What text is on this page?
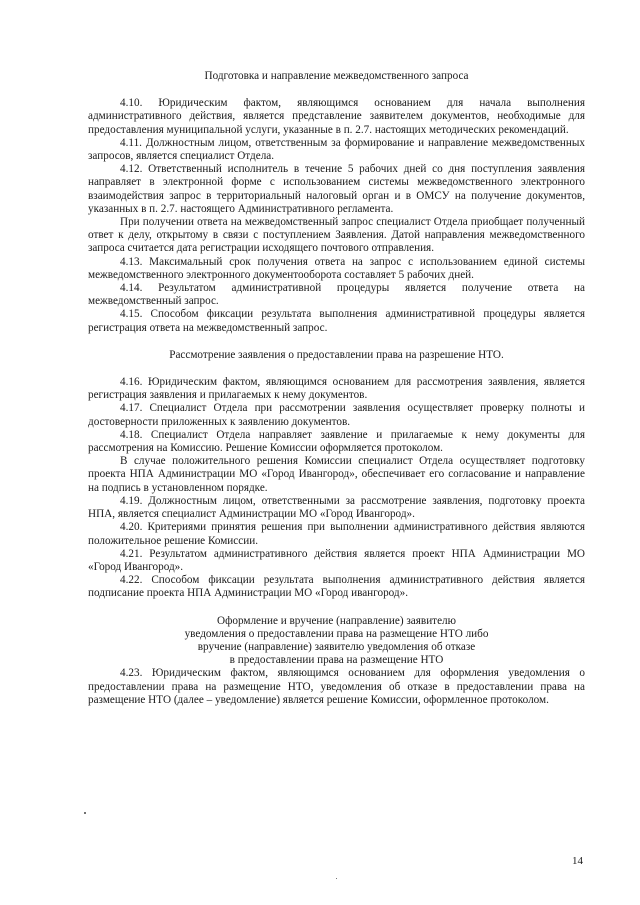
Подготовка и направление межведомственного запроса

4.10. Юридическим фактом, являющимся основанием для начала выполнения административного действия, является представление заявителем документов, необходимые для предоставления муниципальной услуги, указанные в п. 2.7. настоящих методических рекомендаций.

4.11. Должностным лицом, ответственным за формирование и направление межведомственных запросов, является специалист Отдела.

4.12. Ответственный исполнитель в течение 5 рабочих дней со дня поступления заявления направляет в электронной форме с использованием системы межведомственного электронного взаимодействия запрос в территориальный налоговый орган и в ОМСУ на получение документов, указанных в п. 2.7. настоящего Административного регламента.

При получении ответа на межведомственный запрос специалист Отдела приобщает полученный ответ к делу, открытому в связи с поступлением Заявления. Датой направления межведомственного запроса считается дата регистрации исходящего почтового отправления.

4.13. Максимальный срок получения ответа на запрос с использованием единой системы межведомственного электронного документооборота составляет 5 рабочих дней.

4.14. Результатом административной процедуры является получение ответа на межведомственный запрос.

4.15. Способом фиксации результата выполнения административной процедуры является регистрация ответа на межведомственный запрос.

Рассмотрение заявления о предоставлении права на разрешение НТО.

4.16. Юридическим фактом, являющимся основанием для рассмотрения заявления, является регистрация заявления и прилагаемых к нему документов.

4.17. Специалист Отдела при рассмотрении заявления осуществляет проверку полноты и достоверности приложенных к заявлению документов.

4.18. Специалист Отдела направляет заявление и прилагаемые к нему документы для рассмотрения на Комиссию. Решение Комиссии оформляется протоколом.

В случае положительного решения Комиссии специалист Отдела осуществляет подготовку проекта НПА Администрации МО «Город Ивангород», обеспечивает его согласование и направление на подпись в установленном порядке.

4.19. Должностным лицом, ответственными за рассмотрение заявления, подготовку проекта НПА, является специалист Администрации МО «Город Ивангород».

4.20. Критериями принятия решения при выполнении административного действия являются положительное решение Комиссии.

4.21. Результатом административного действия является проект НПА Администрации МО «Город Ивангород».

4.22. Способом фиксации результата выполнения административного действия является подписание проекта НПА Администрации МО «Город ивангород».

Оформление и вручение (направление) заявителю
уведомления о предоставлении права на размещение НТО либо
вручение (направление) заявителю уведомления об отказе
в предоставлении права на размещение НТО

4.23. Юридическим фактом, являющимся основанием для оформления уведомления о предоставлении права на размещение НТО, уведомления об отказе в предоставлении права на размещение НТО (далее – уведомление) является решение Комиссии, оформленное протоколом.

14
